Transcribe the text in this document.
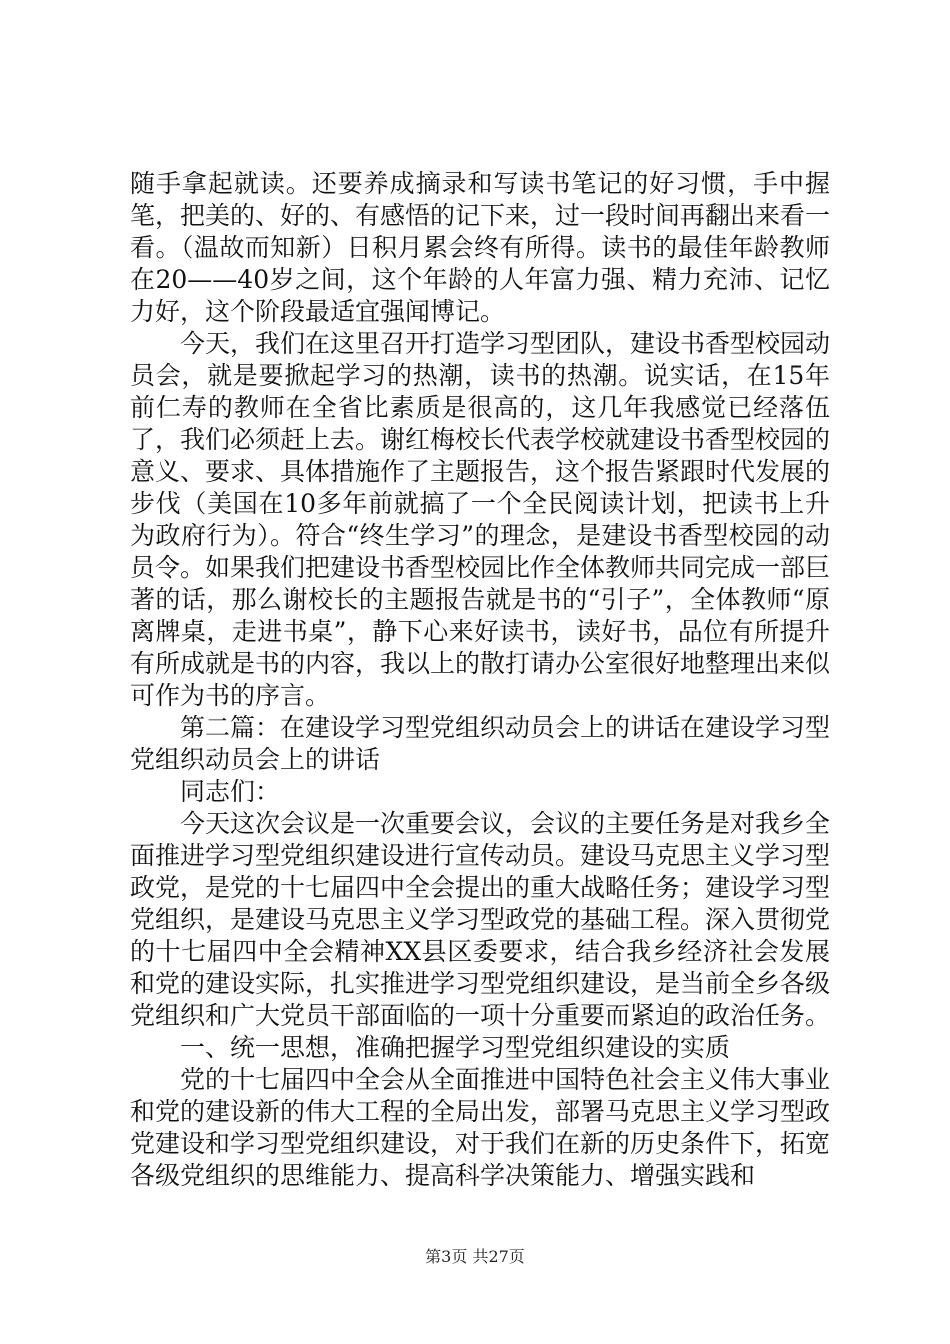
随手拿起就读。还要养成摘录和写读书笔记的好习惯，手中握笔，把美的、好的、有感悟的记下来，过一段时间再翻出来看一看。（温故而知新）日积月累会终有所得。读书的最佳年龄教师在20——40岁之间，这个年龄的人年富力强、精力充沛、记忆力好，这个阶段最适宜强闻博记。

今天，我们在这里召开打造学习型团队，建设书香型校园动员会，就是要掀起学习的热潮，读书的热潮。说实话，在15年前仁寿的教师在全省比素质是很高的，这几年我感觉已经落伍了，我们必须赶上去。谢红梅校长代表学校就建设书香型校园的意义、要求、具体措施作了主题报告，这个报告紧跟时代发展的步伐（美国在10多年前就搞了一个全民阅读计划，把读书上升为政府行为）。符合“终生学习”的理念，是建设书香型校园的动员令。如果我们把建设书香型校园比作全体教师共同完成一部巨著的话，那么谢校长的主题报告就是书的“引子”，全体教师“原离牌桌，走进书桌”，静下心来好读书，读好书，品位有所提升有所成就是书的内容，我以上的散打请办公室很好地整理出来似可作为书的序言。

第二篇：在建设学习型党组织动员会上的讲话在建设学习型党组织动员会上的讲话

同志们：

今天这次会议是一次重要会议，会议的主要任务是对我乡全面推进学习型党组织建设进行宣传动员。建设马克思主义学习型政党，是党的十七届四中全会提出的重大战略任务；建设学习型党组织，是建设马克思主义学习型政党的基础工程。深入贯彻党的十七届四中全会精神XX县区委要求，结合我乡经济社会发展和党的建设实际，扎实推进学习型党组织建设，是当前全乡各级党组织和广大党员干部面临的一项十分重要而紧迫的政治任务。

一、统一思想，准确把握学习型党组织建设的实质

党的十七届四中全会从全面推进中国特色社会主义伟大事业和党的建设新的伟大工程的全局出发，部署马克思主义学习型政党建设和学习型党组织建设，对于我们在新的历史条件下，拓宽各级党组织的思维能力、提高科学决策能力、增强实践和

第3页 共27页
